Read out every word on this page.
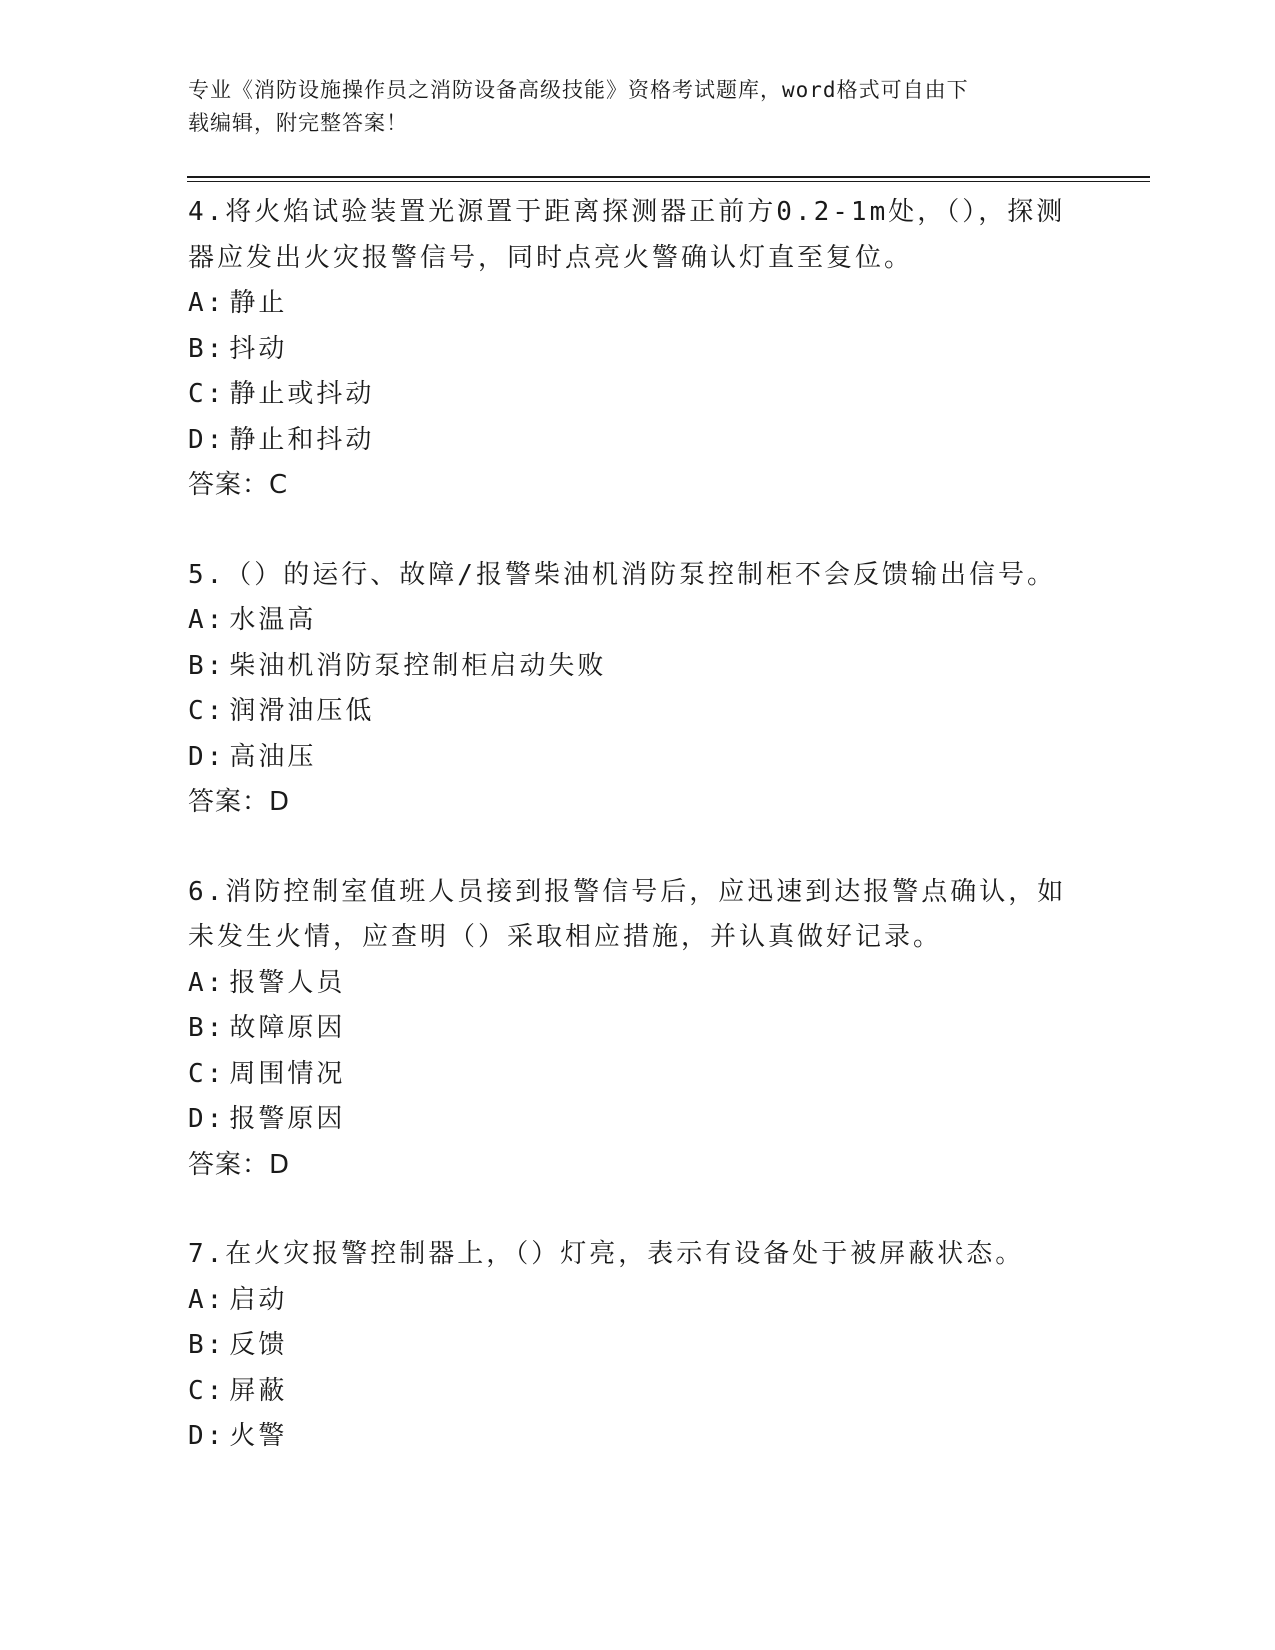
专业《消防设施操作员之消防设备高级技能》资格考试题库，word格式可自由下
载编辑，附完整答案！

4.将火焰试验装置光源置于距离探测器正前方0.2-1m处，（），探测器应发出火灾报警信号，同时点亮火警确认灯直至复位。

A: 静止

B: 抖动

C: 静止或抖动

D: 静止和抖动

答案：C

5.（）的运行、故障/报警柴油机消防泵控制柜不会反馈输出信号。

A: 水温高

B: 柴油机消防泵控制柜启动失败

C: 润滑油压低

D: 高油压

答案：D

6.消防控制室值班人员接到报警信号后，应迅速到达报警点确认，如未发生火情，应查明（）采取相应措施，并认真做好记录。

A: 报警人员

B: 故障原因

C: 周围情况

D: 报警原因

答案：D

7.在火灾报警控制器上，（）灯亮，表示有设备处于被屏蔽状态。

A: 启动

B: 反馈

C: 屏蔽

D: 火警
